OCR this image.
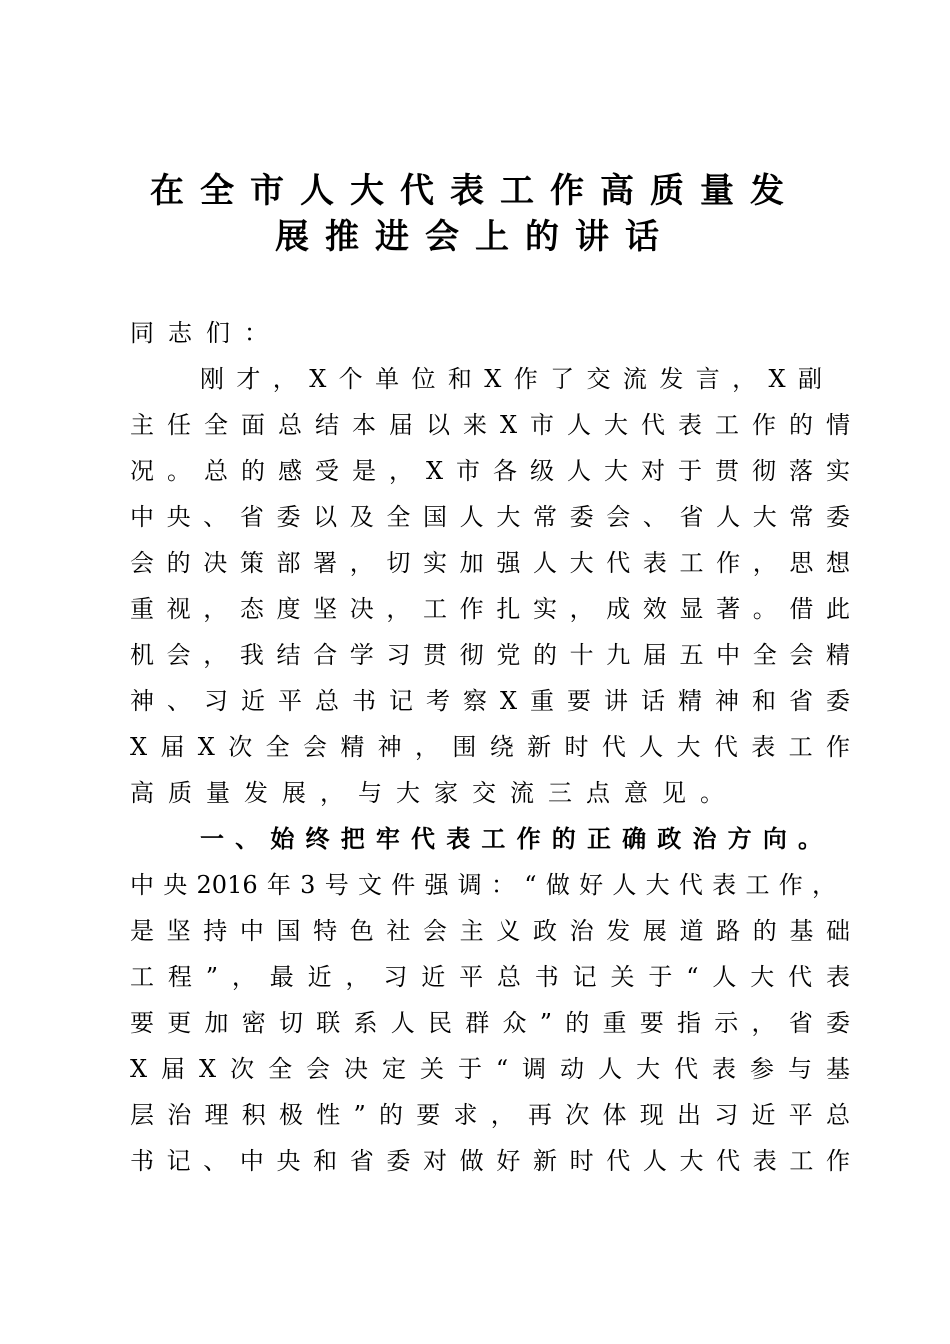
在全市人大代表工作高质量发
展推进会上的讲话

同志们：

刚才，X个单位和X作了交流发言，X副

主任全面总结本届以来X市人大代表工作的情

况。总的感受是，X市各级人大对于贯彻落实

中央、省委以及全国人大常委会、省人大常委

会的决策部署，切实加强人大代表工作，思想

重视，态度坚决，工作扎实，成效显著。借此

机会，我结合学习贯彻党的十九届五中全会精

神、习近平总书记考察X重要讲话精神和省委

X届X次全会精神，围绕新时代人大代表工作

高质量发展，与大家交流三点意见。

一、始终把牢代表工作的正确政治方向。

中央2016年3号文件强调：“做好人大代表工作，

是坚持中国特色社会主义政治发展道路的基础

工程”，最近，习近平总书记关于“人大代表

要更加密切联系人民群众”的重要指示，省委

X届X次全会决定关于“调动人大代表参与基

层治理积极性”的要求，再次体现出习近平总

书记、中央和省委对做好新时代人大代表工作
